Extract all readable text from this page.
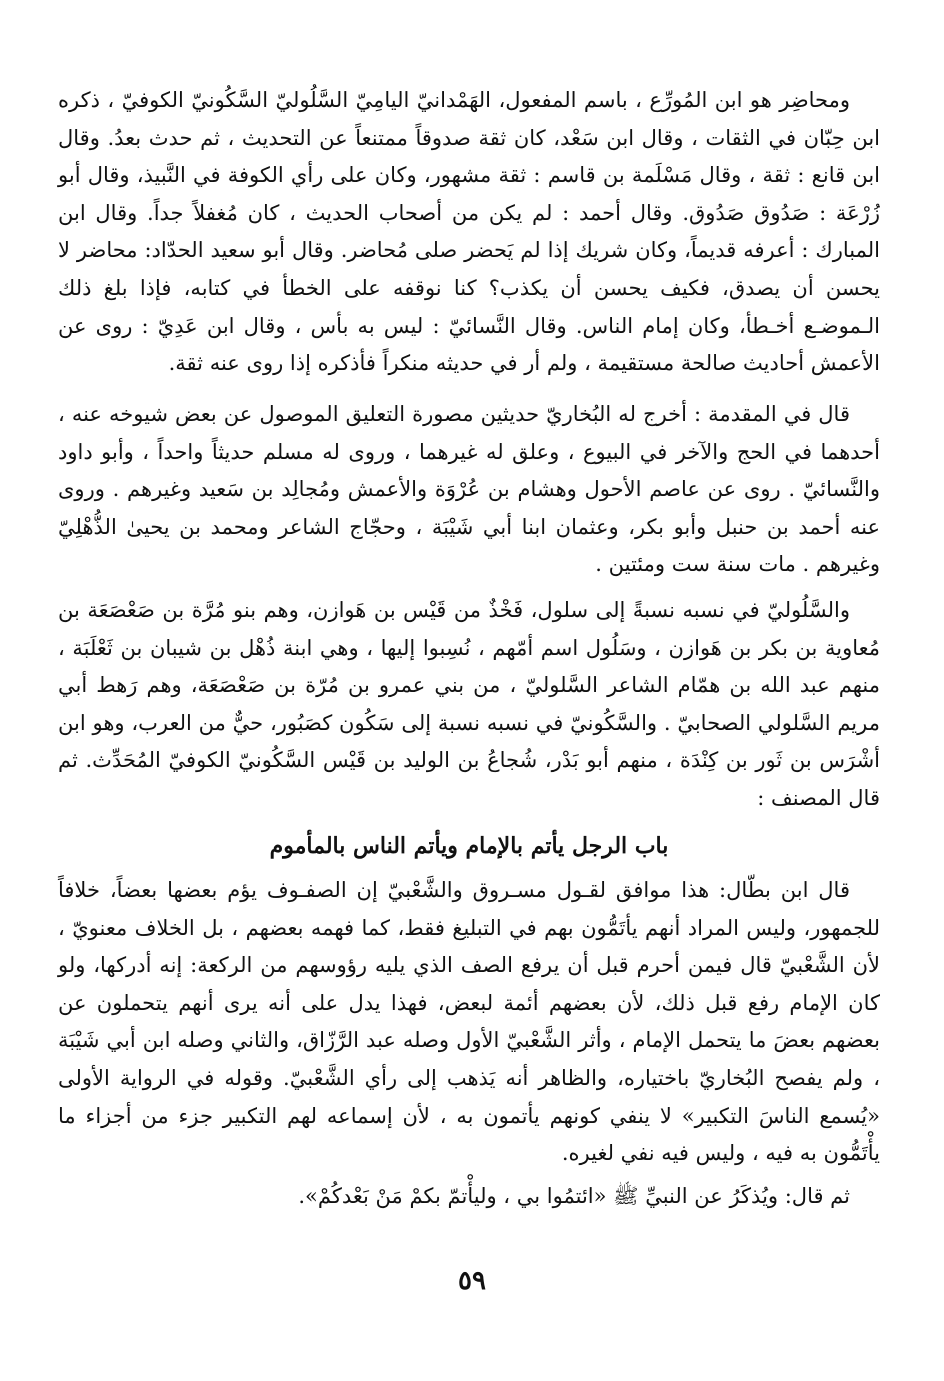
ومحاضِر هو ابن المُورِّع ، باسم المفعول، الهَمْدانيّ اليامِيّ السَّلُوليّ السَّكُونيّ الكوفيّ ، ذكره ابن حِبّان في الثقات ، وقال ابن سَعْد، كان ثقة صدوقاً ممتنعاً عن التحديث ، ثم حدث بعدُ. وقال ابن قانع : ثقة ، وقال مَسْلَمة بن قاسم : ثقة مشهور، وكان على رأي الكوفة في النَّبيذ، وقال أبو زُرْعَة : صَدُوق صَدُوق. وقال أحمد : لم يكن من أصحاب الحديث ، كان مُغفلاً جداً. وقال ابن المبارك : أعرفه قديماً، وكان شريك إذا لم يَحضر صلى مُحاضر. وقال أبو سعيد الحدّاد: محاضر لا يحسن أن يصدق، فكيف يحسن أن يكذب؟ كنا نوقفه على الخطأ في كتابه، فإذا بلغ ذلك الـموضـع أخـطأ، وكان إمام الناس. وقال النَّسائيّ : ليس به بأس ، وقال ابن عَدِيّ : روى عن الأعمش أحاديث صالحة مستقيمة ، ولم أر في حديثه منكراً فأذكره إذا روى عنه ثقة.

قال في المقدمة : أخرج له البُخاريّ حديثين مصورة التعليق الموصول عن بعض شيوخه عنه ، أحدهما في الحج والآخر في البيوع ، وعلق له غيرهما ، وروى له مسلم حديثاً واحداً ، وأبو داود والنَّسائيّ . روى عن عاصم الأحول وهشام بن عُرْوَة والأعمش ومُجالِد بن سَعيد وغيرهم . وروى عنه أحمد بن حنبل وأبو بكر، وعثمان ابنا أبي شَيْبَة ، وحجّاج الشاعر ومحمد بن يحيىٰ الذُّهْلِيّ وغيرهم . مات سنة ست ومئتين .

والسَّلُوليّ في نسبه نسبةً إلى سلول، فَخْذٌ من قَيْس بن هَوازن، وهم بنو مُرَّة بن صَعْصَعَة بن مُعاوية بن بكر بن هَوازن ، وسَلُول اسم أمّهم ، نُسِبوا إليها ، وهي ابنة ذُهْل بن شيبان بن ثَعْلَبَة ، منهم عبد الله بن همّام الشاعر السَّلوليّ ، من بني عمرو بن مُرّة بن صَعْصَعَة، وهم رَهط أبي مريم السَّلولي الصحابيّ . والسَّكُونيّ في نسبه نسبة إلى سَكُون كصَبُور، حيٌّ من العرب، وهو ابن أشْرَس بن ثَور بن كِنْدَة ، منهم أبو بَدْر، شُجاعُ بن الوليد بن قَيْس السَّكُونيّ الكوفيّ المُحَدِّث. ثم قال المصنف :

باب الرجل يأتم بالإمام ويأتم الناس بالمأموم

قال ابن بطّال: هذا موافق لقـول مسـروق والشَّعْبيّ إن الصفـوف يؤم بعضها بعضاً، خلافاً للجمهور، وليس المراد أنهم يأتَمُّون بهم في التبليغ فقط، كما فهمه بعضهم ، بل الخلاف معنويّ ، لأن الشَّعْبيّ قال فيمن أحرم قبل أن يرفع الصف الذي يليه رؤوسهم من الركعة: إنه أدركها، ولو كان الإمام رفع قبل ذلك، لأن بعضهم أئمة لبعض، فهذا يدل على أنه يرى أنهم يتحملون عن بعضهم بعضَ ما يتحمل الإمام ، وأثر الشَّعْبيّ الأول وصله عبد الرَّزّاق، والثاني وصله ابن أبي شَيْبَة ، ولم يفصح البُخاريّ باختياره، والظاهر أنه يَذهب إلى رأي الشَّعْبيّ. وقوله في الرواية الأولى «يُسمع الناسَ التكبير» لا ينفي كونهم يأتمون به ، لأن إسماعه لهم التكبير جزء من أجزاء ما يأْتَمُّون به فيه ، وليس فيه نفي لغيره.

ثم قال: ويُذكَرُ عن النبيِّ ﷺ «ائتمُوا بي ، وليأْتمّ بكمْ مَنْ بَعْدكُمْ».

٥٩
